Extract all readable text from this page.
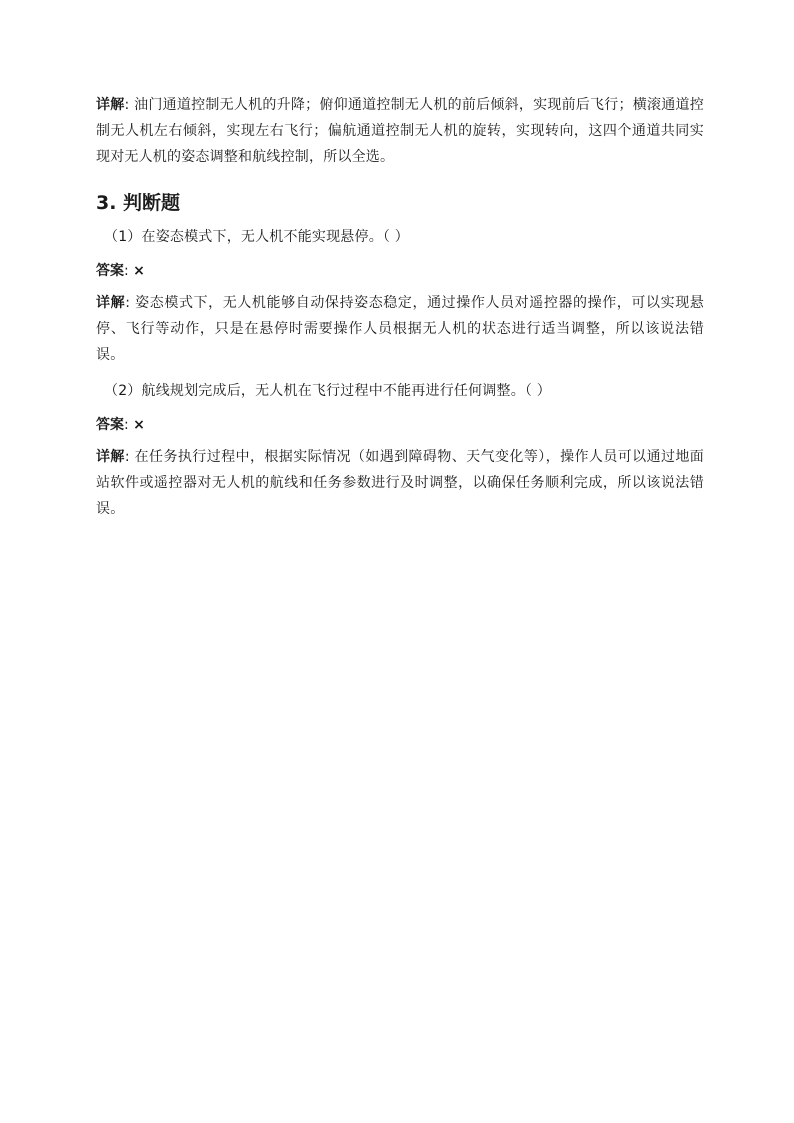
详解: 油门通道控制无人机的升降；俯仰通道控制无人机的前后倾斜，实现前后飞行；横滚通道控制无人机左右倾斜，实现左右飞行；偏航通道控制无人机的旋转，实现转向，这四个通道共同实现对无人机的姿态调整和航线控制，所以全选。

3. 判断题

（1）在姿态模式下，无人机不能实现悬停。（ ）

答案: ×

详解: 姿态模式下，无人机能够自动保持姿态稳定，通过操作人员对遥控器的操作，可以实现悬停、飞行等动作，只是在悬停时需要操作人员根据无人机的状态进行适当调整，所以该说法错误。

（2）航线规划完成后，无人机在飞行过程中不能再进行任何调整。（ ）

答案: ×

详解: 在任务执行过程中，根据实际情况（如遇到障碍物、天气变化等），操作人员可以通过地面站软件或遥控器对无人机的航线和任务参数进行及时调整，以确保任务顺利完成，所以该说法错误。
